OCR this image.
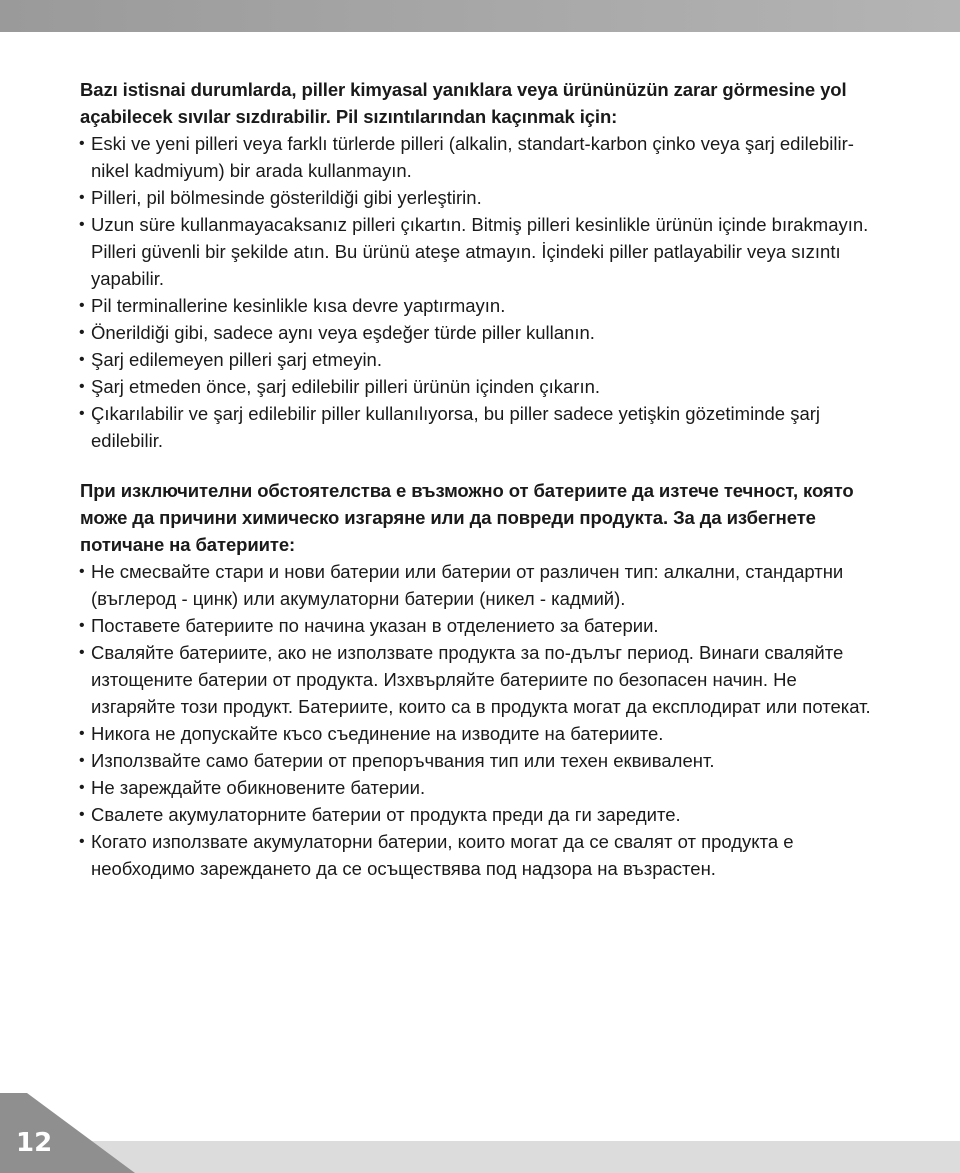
Bazı istisnai durumlarda, piller kimyasal yanıklara veya ürününüzün zarar görmesine yol açabilecek sıvılar sızdırabilir. Pil sızıntılarından kaçınmak için:

• Eski ve yeni pilleri veya farklı türlerde pilleri (alkalin, standart-karbon çinko veya şarj edilebilir-nikel kadmiyum) bir arada kullanmayın.
• Pilleri, pil bölmesinde gösterildiği gibi yerleştirin.
• Uzun süre kullanmayacaksanız pilleri çıkartın. Bitmiş pilleri kesinlikle ürünün içinde bırakmayın. Pilleri güvenli bir şekilde atın. Bu ürünü ateşe atmayın. İçindeki piller patlayabilir veya sızıntı yapabilir.
• Pil terminallerine kesinlikle kısa devre yaptırmayın.
• Önerildiği gibi, sadece aynı veya eşdeğer türde piller kullanın.
• Şarj edilemeyen pilleri şarj etmeyin.
• Şarj etmeden önce, şarj edilebilir pilleri ürünün içinden çıkarın.
• Çıkarılabilir ve şarj edilebilir piller kullanılıyorsa, bu piller sadece yetişkin gözetiminde şarj edilebilir.

При изключителни обстоятелства е възможно от батериите да изтече течност, която може да причини химическо изгаряне или да повреди продукта. За да избегнете потичане на батериите:

• Не смесвайте стари и нови батерии или батерии от различен тип: алкални, стандартни (въглерод - цинк) или акумулаторни батерии (никел - кадмий).
• Поставете батериите по начина указан в отделението за батерии.
• Сваляйте батериите, ако не използвате продукта за по-дълъг период. Винаги сваляйте изтощените батерии от продукта. Изхвърляйте батериите по безопасен начин. Не изгаряйте този продукт. Батериите, които са в продукта могат да експлодират или потекат.
• Никога не допускайте късо съединение на изводите на батериите.
• Използвайте само батерии от препоръчвания тип или техен еквивалент.
• Не зареждайте обикновените батерии.
• Свалете акумулаторните батерии от продукта преди да ги заредите.
• Когато използвате акумулаторни батерии, които могат да се свалят от продукта е необходимо зареждането да се осъществява под надзора на възрастен.
12
